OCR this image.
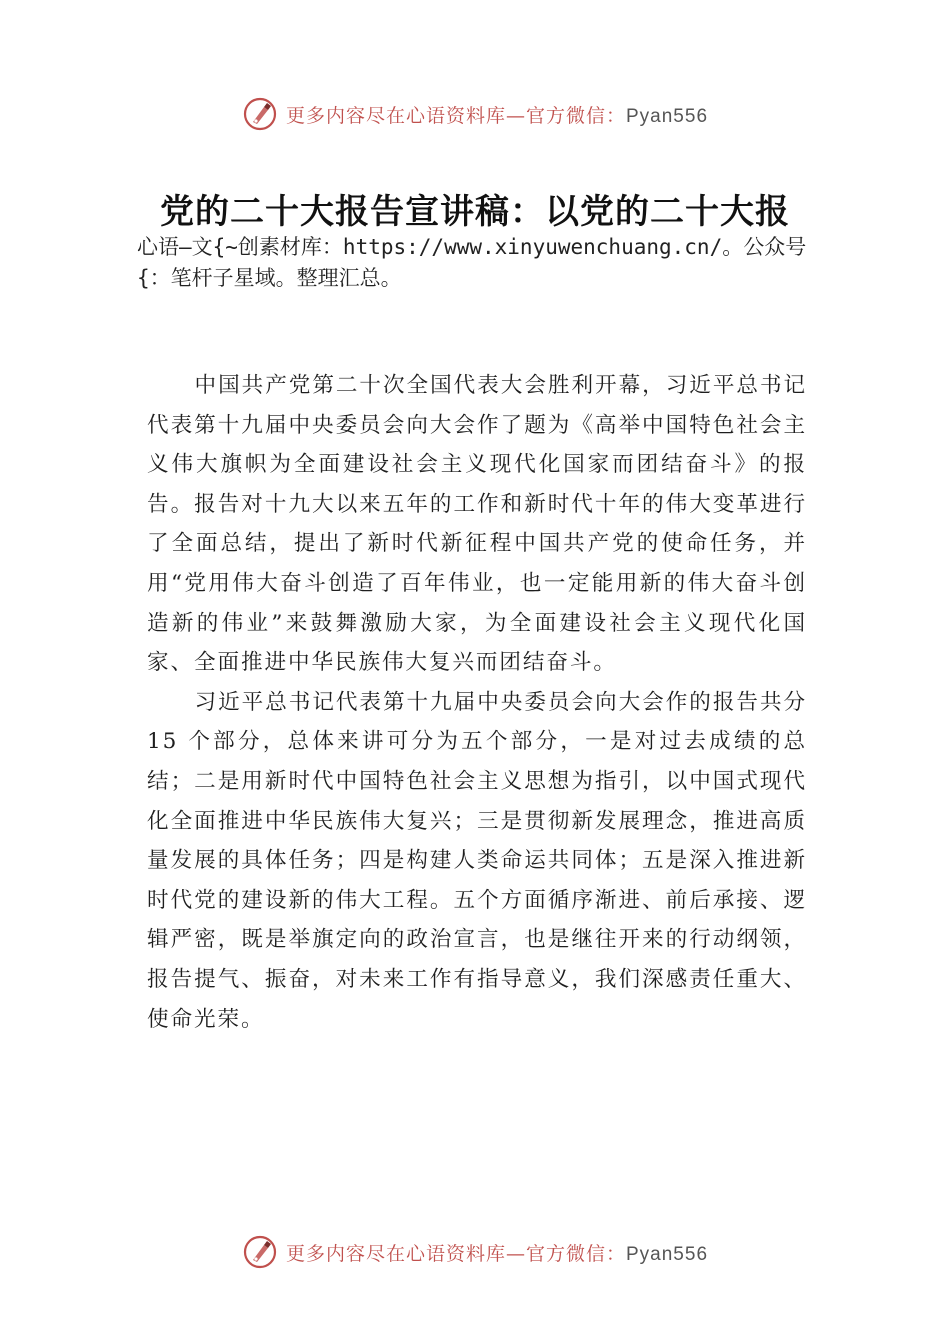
更多内容尽在心语资料库—官方微信：Pyan556
党的二十大报告宣讲稿：以党的二十大报
心语—文{~创素材库：https://www.xinyuwenchuang.cn/。公众号{：笔杆子星域。整理汇总。

中国共产党第二十次全国代表大会胜利开幕，习近平总书记代表第十九届中央委员会向大会作了题为《高举中国特色社会主义伟大旗帜为全面建设社会主义现代化国家而团结奋斗》的报告。报告对十九大以来五年的工作和新时代十年的伟大变革进行了全面总结，提出了新时代新征程中国共产党的使命任务，并用“党用伟大奋斗创造了百年伟业，也一定能用新的伟大奋斗创造新的伟业”来鼓舞激励大家，为全面建设社会主义现代化国家、全面推进中华民族伟大复兴而团结奋斗。

习近平总书记代表第十九届中央委员会向大会作的报告共分 15 个部分，总体来讲可分为五个部分，一是对过去成绩的总结；二是用新时代中国特色社会主义思想为指引，以中国式现代化全面推进中华民族伟大复兴；三是贯彻新发展理念，推进高质量发展的具体任务；四是构建人类命运共同体；五是深入推进新时代党的建设新的伟大工程。五个方面循序渐进、前后承接、逻辑严密，既是举旗定向的政治宣言，也是继往开来的行动纲领，报告提气、振奋，对未来工作有指导意义，我们深感责任重大、使命光荣。

更多内容尽在心语资料库—官方微信：Pyan556
